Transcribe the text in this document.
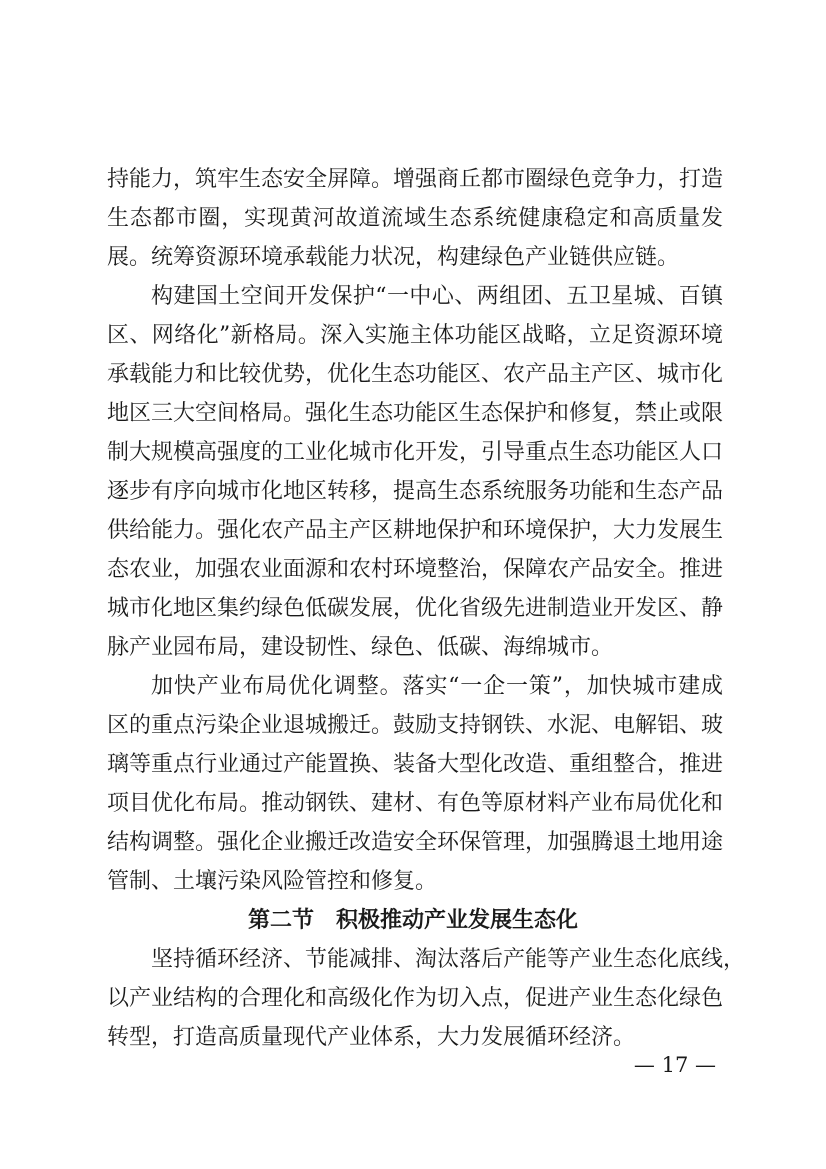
持能力，筑牢生态安全屏障。增强商丘都市圈绿色竞争力，打造
生态都市圈，实现黄河故道流域生态系统健康稳定和高质量发
展。统筹资源环境承载能力状况，构建绿色产业链供应链。
构建国土空间开发保护“一中心、两组团、五卫星城、百镇
区、网络化”新格局。深入实施主体功能区战略，立足资源环境
承载能力和比较优势，优化生态功能区、农产品主产区、城市化
地区三大空间格局。强化生态功能区生态保护和修复，禁止或限
制大规模高强度的工业化城市化开发，引导重点生态功能区人口
逐步有序向城市化地区转移，提高生态系统服务功能和生态产品
供给能力。强化农产品主产区耕地保护和环境保护，大力发展生
态农业，加强农业面源和农村环境整治，保障农产品安全。推进
城市化地区集约绿色低碳发展，优化省级先进制造业开发区、静
脉产业园布局，建设韧性、绿色、低碳、海绵城市。
加快产业布局优化调整。落实“一企一策”，加快城市建成
区的重点污染企业退城搬迁。鼓励支持钢铁、水泥、电解铝、玻
璃等重点行业通过产能置换、装备大型化改造、重组整合，推进
项目优化布局。推动钢铁、建材、有色等原材料产业布局优化和
结构调整。强化企业搬迁改造安全环保管理，加强腾退土地用途
管制、土壤污染风险管控和修复。
第二节 积极推动产业发展生态化
坚持循环经济、节能减排、淘汰落后产能等产业生态化底线，
以产业结构的合理化和高级化作为切入点，促进产业生态化绿色
转型，打造高质量现代产业体系，大力发展循环经济。
— 17 —
